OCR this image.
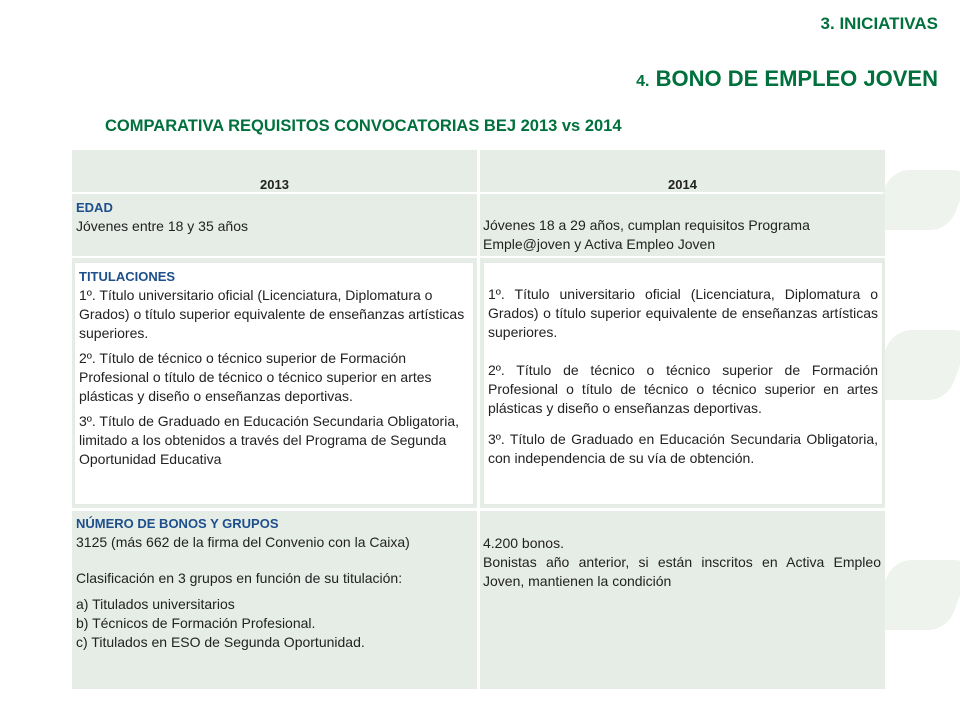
3. INICIATIVAS
4. BONO DE EMPLEO JOVEN
COMPARATIVA REQUISITOS CONVOCATORIAS BEJ 2013 vs 2014
2013	2014
EDAD
Jóvenes entre 18 y 35 años	Jóvenes 18 a 29 años, cumplan requisitos Programa Emple@joven y Activa Empleo Joven
TITULACIONES

1º. Título universitario oficial (Licenciatura, Diplomatura o Grados) o título superior equivalente de enseñanzas artísticas superiores.

2º. Título de técnico o técnico superior de Formación Profesional o título de técnico o técnico superior en artes plásticas y diseño o enseñanzas deportivas.

3º. Título de Graduado en Educación Secundaria Obligatoria, limitado a los obtenidos a través del Programa de Segunda Oportunidad Educativa

1º. Título universitario oficial (Licenciatura, Diplomatura o Grados) o título superior equivalente de enseñanzas artísticas superiores.

2º. Título de técnico o técnico superior de Formación Profesional o título de técnico o técnico superior en artes plásticas y diseño o enseñanzas deportivas.

3º. Título de Graduado en Educación Secundaria Obligatoria, con independencia de su vía de obtención.

NÚMERO DE BONOS Y GRUPOS
3125 (más 662 de la firma del Convenio con la Caixa)
Clasificación en 3 grupos en función de su titulación:
a) Titulados universitarios
b) Técnicos de Formación Profesional.
c) Titulados en ESO de Segunda Oportunidad.
4.200 bonos.
Bonistas año anterior, si están inscritos en Activa Empleo Joven, mantienen la condición
